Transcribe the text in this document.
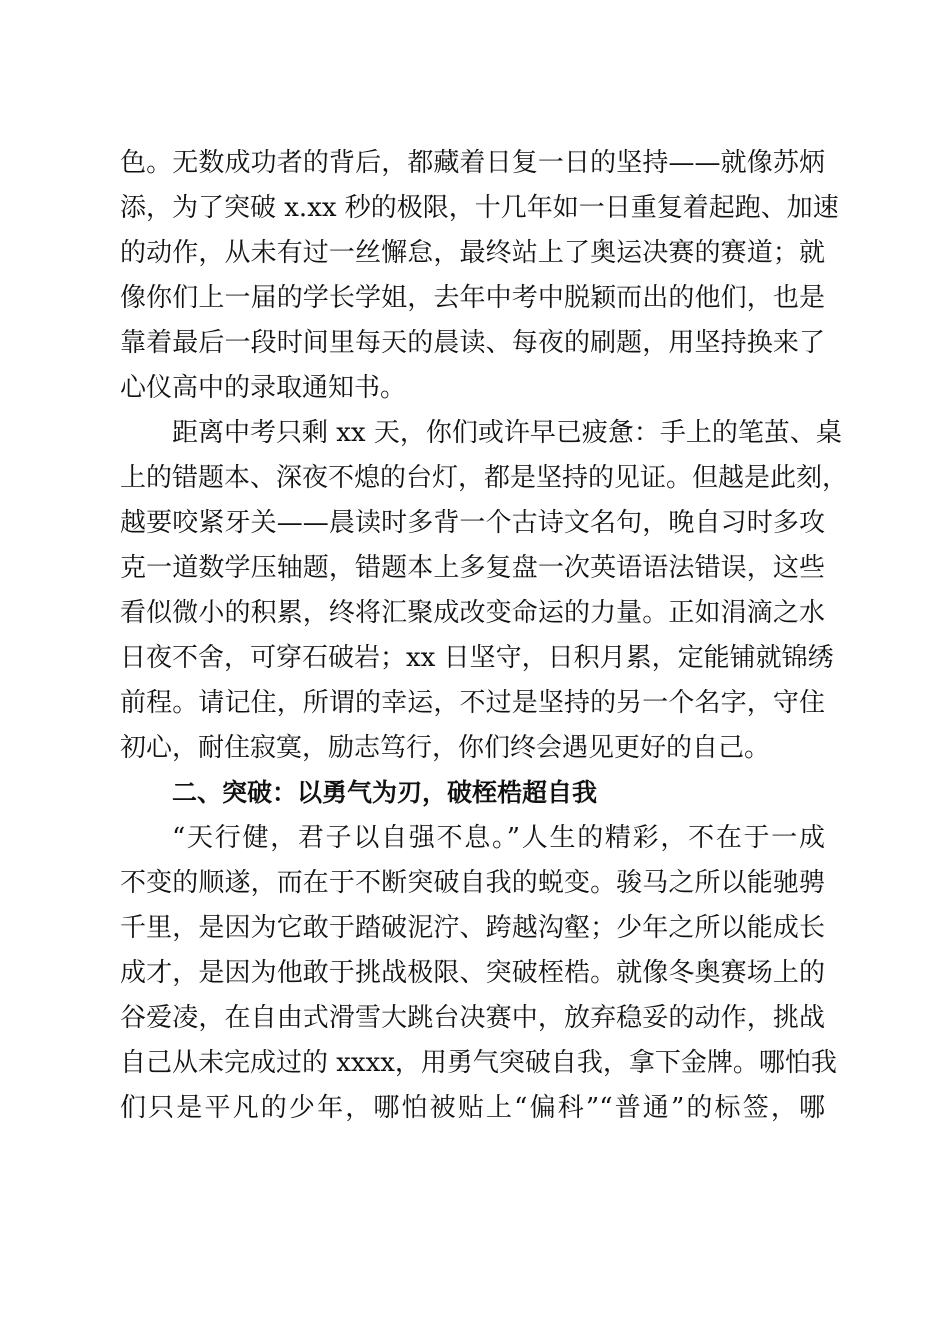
色。无数成功者的背后，都藏着日复一日的坚持——就像苏炳
添，为了突破 x.xx 秒的极限，十几年如一日重复着起跑、加速
的动作，从未有过一丝懈怠，最终站上了奥运决赛的赛道；就
像你们上一届的学长学姐，去年中考中脱颖而出的他们，也是
靠着最后一段时间里每天的晨读、每夜的刷题，用坚持换来了
心仪高中的录取通知书。
距离中考只剩 xx 天，你们或许早已疲惫：手上的笔茧、桌
上的错题本、深夜不熄的台灯，都是坚持的见证。但越是此刻，
越要咬紧牙关——晨读时多背一个古诗文名句，晚自习时多攻
克一道数学压轴题，错题本上多复盘一次英语语法错误，这些
看似微小的积累，终将汇聚成改变命运的力量。正如涓滴之水
日夜不舍，可穿石破岩；xx 日坚守，日积月累，定能铺就锦绣
前程。请记住，所谓的幸运，不过是坚持的另一个名字，守住
初心，耐住寂寞，励志笃行，你们终会遇见更好的自己。
二、突破：以勇气为刃，破桎梏超自我
“天行健，君子以自强不息。”人生的精彩，不在于一成
不变的顺遂，而在于不断突破自我的蜕变。骏马之所以能驰骋
千里，是因为它敢于踏破泥泞、跨越沟壑；少年之所以能成长
成才，是因为他敢于挑战极限、突破桎梏。就像冬奥赛场上的
谷爱凌，在自由式滑雪大跳台决赛中，放弃稳妥的动作，挑战
自己从未完成过的 xxxx，用勇气突破自我，拿下金牌。哪怕我
们只是平凡的少年，哪怕被贴上“偏科”“普通”的标签，哪
